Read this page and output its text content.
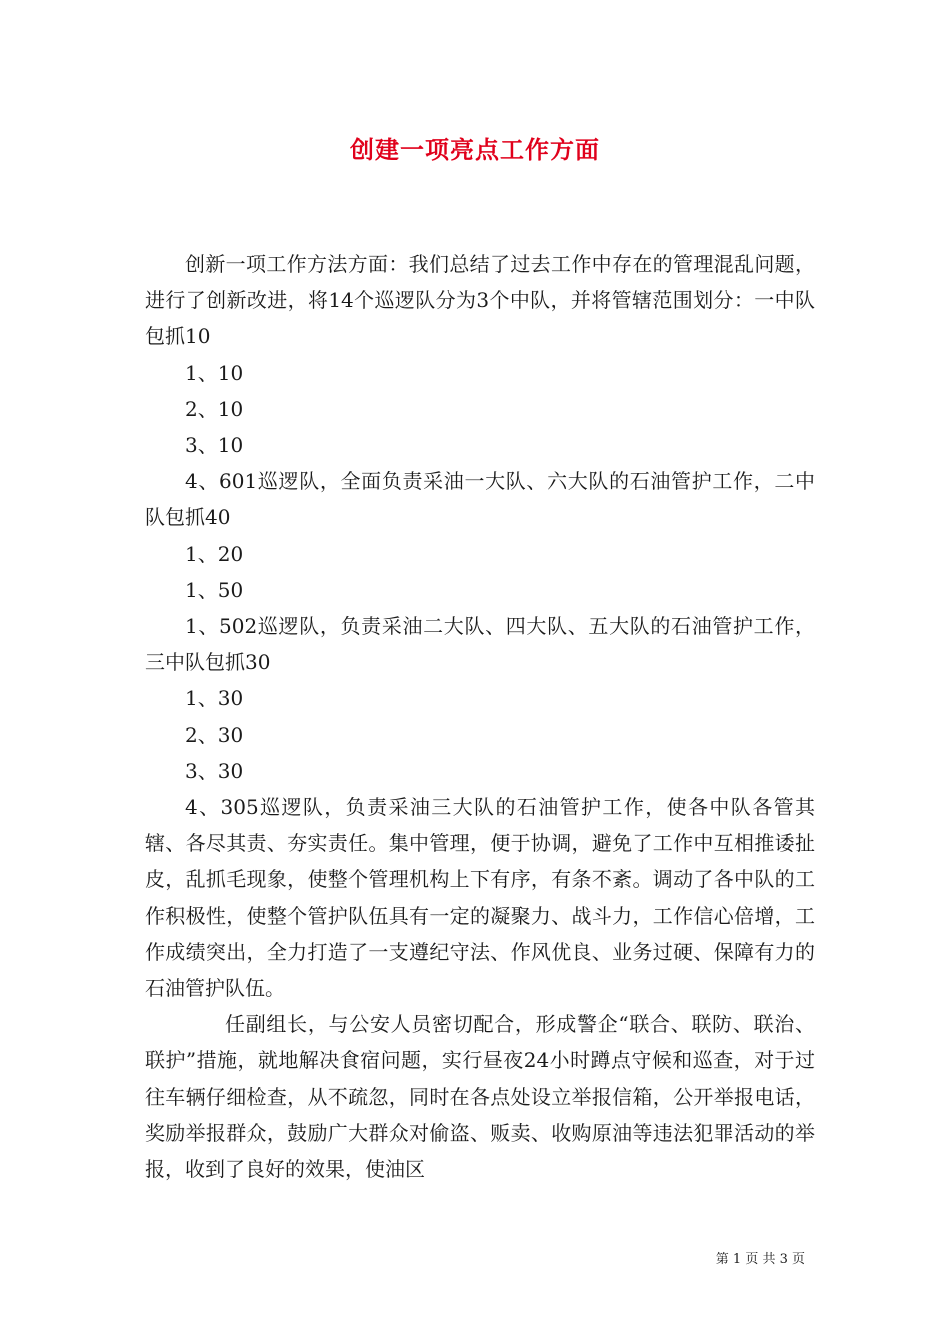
创建一项亮点工作方面

创新一项工作方法方面：我们总结了过去工作中存在的管理混乱问题，进行了创新改进，将14个巡逻队分为3个中队，并将管辖范围划分：一中队包抓10

1、10

2、10

3、10

4、601巡逻队，全面负责采油一大队、六大队的石油管护工作，二中队包抓40

1、20

1、50

1、502巡逻队，负责采油二大队、四大队、五大队的石油管护工作，三中队包抓30

1、30

2、30

3、30

4、305巡逻队，负责采油三大队的石油管护工作，使各中队各管其辖、各尽其责、夯实责任。集中管理，便于协调，避免了工作中互相推诿扯皮，乱抓毛现象，使整个管理机构上下有序，有条不紊。调动了各中队的工作积极性，使整个管护队伍具有一定的凝聚力、战斗力，工作信心倍增，工作成绩突出，全力打造了一支遵纪守法、作风优良、业务过硬、保障有力的石油管护队伍。

任副组长，与公安人员密切配合，形成警企“联合、联防、联治、联护”措施，就地解决食宿问题，实行昼夜24小时蹲点守候和巡查，对于过往车辆仔细检查，从不疏忽，同时在各点处设立举报信箱，公开举报电话，奖励举报群众，鼓励广大群众对偷盗、贩卖、收购原油等违法犯罪活动的举报，收到了良好的效果，使油区

第 1 页 共 3 页
